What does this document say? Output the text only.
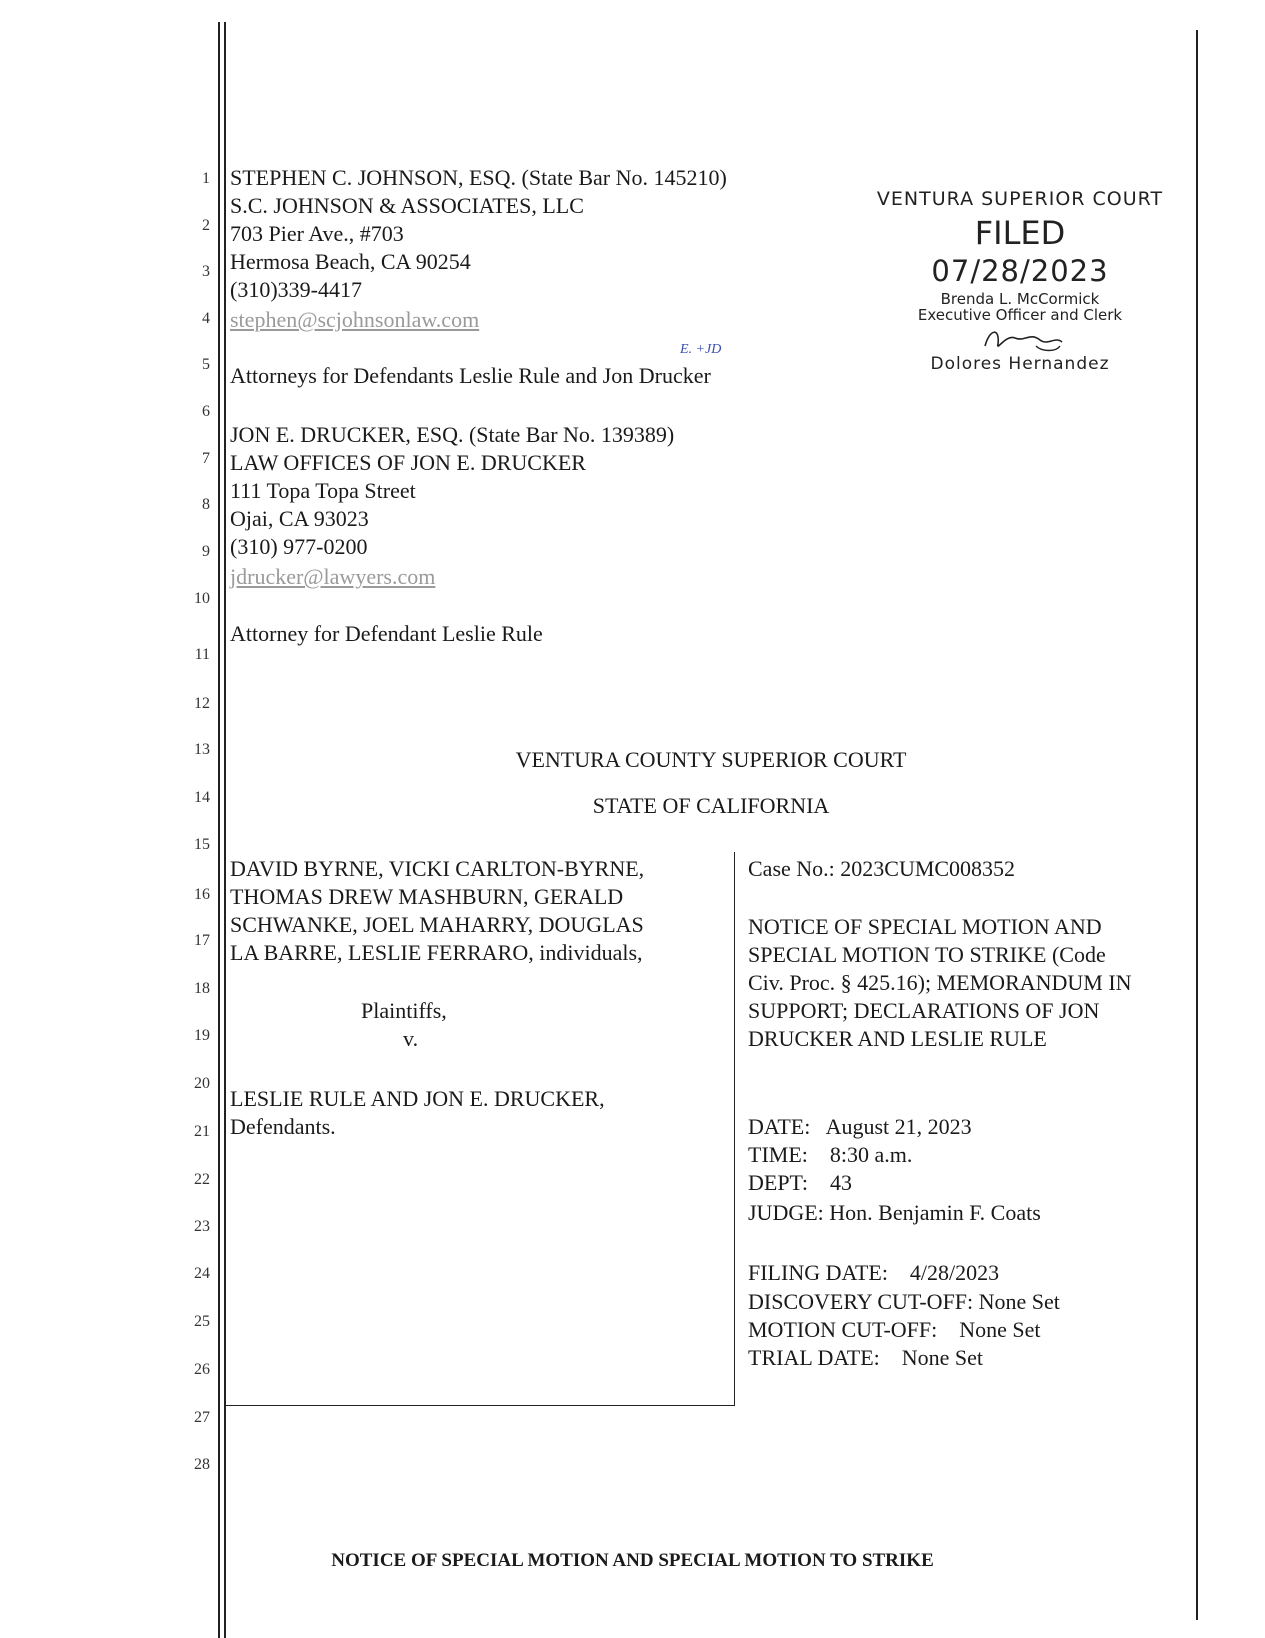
1
2
3
4
5
6
7
8
9
10
11
12
13
14
15
16
17
18
19
20
21
22
23
24
25
26
27
28
STEPHEN C. JOHNSON, ESQ. (State Bar No. 145210)
S.C. JOHNSON & ASSOCIATES, LLC
703 Pier Ave., #703
Hermosa Beach, CA 90254
(310)339-4417
stephen@scjohnsonlaw.com
E. +JD
Attorneys for Defendants Leslie Rule and Jon Drucker
JON E. DRUCKER, ESQ. (State Bar No. 139389)
LAW OFFICES OF JON E. DRUCKER
111 Topa Topa Street
Ojai, CA 93023
(310) 977-0200
jdrucker@lawyers.com
Attorney for Defendant Leslie Rule
VENTURA SUPERIOR COURT
FILED
07/28/2023
Brenda L. McCormick
Executive Officer and Clerk
Dolores Hernandez
VENTURA COUNTY SUPERIOR COURT
STATE OF CALIFORNIA
DAVID BYRNE, VICKI CARLTON-BYRNE,
THOMAS DREW MASHBURN, GERALD
SCHWANKE, JOEL MAHARRY, DOUGLAS
LA BARRE, LESLIE FERRARO, individuals,
Plaintiffs,
v.
LESLIE RULE AND JON E. DRUCKER,
Defendants.
Case No.: 2023CUMC008352
NOTICE OF SPECIAL MOTION AND
SPECIAL MOTION TO STRIKE (Code
Civ. Proc. § 425.16); MEMORANDUM IN
SUPPORT; DECLARATIONS OF JON
DRUCKER AND LESLIE RULE
DATE:   August 21, 2023
TIME:    8:30 a.m.
DEPT:    43
JUDGE: Hon. Benjamin F. Coats
FILING DATE:    4/28/2023
DISCOVERY CUT-OFF: None Set
MOTION CUT-OFF:    None Set
TRIAL DATE:    None Set
NOTICE OF SPECIAL MOTION AND SPECIAL MOTION TO STRIKE
